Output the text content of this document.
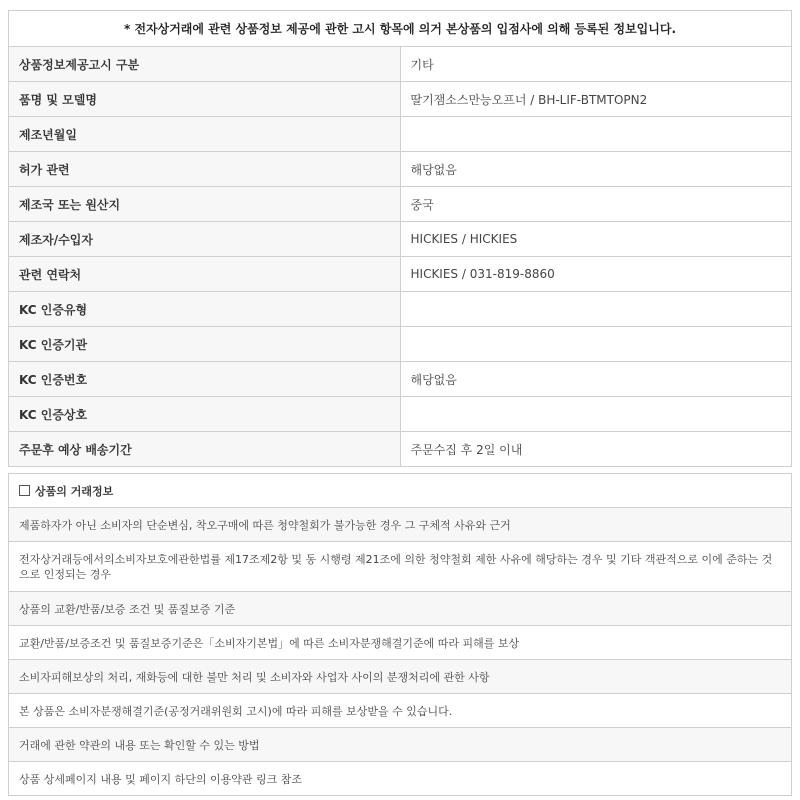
* 전자상거래에 관련 상품정보 제공에 관한 고시 항목에 의거 본상품의 입점사에 의해 등록된 정보입니다.	
상품정보제공고시 구분	기타
품명 및 모델명	딸기잼소스만능오프너 / BH-LIF-BTMTOPN2
제조년월일	
허가 관련	해당없음
제조국 또는 원산지	중국
제조자/수입자	HICKIES / HICKIES
관련 연락처	HICKIES / 031-819-8860
KC 인증유형	
KC 인증기관	
KC 인증번호	해당없음
KC 인증상호	
주문후 예상 배송기간	주문수집 후 2일 이내
상품의 거래정보
제품하자가 아닌 소비자의 단순변심, 착오구매에 따른 청약철회가 불가능한 경우 그 구체적 사유와 근거
전자상거래등에서의소비자보호에관한법률 제17조제2항 및 동 시행령 제21조에 의한 청약철회 제한 사유에 해당하는 경우 및 기타 객관적으로 이에 준하는 것으로 인정되는 경우
상품의 교환/반품/보증 조건 및 품질보증 기준
교환/반품/보증조건 및 품질보증기준은「소비자기본법」에 따른 소비자분쟁해결기준에 따라 피해를 보상
소비자피해보상의 처리, 재화등에 대한 불만 처리 및 소비자와 사업자 사이의 분쟁처리에 관한 사항
본 상품은 소비자분쟁해결기준(공정거래위원회 고시)에 따라 피해를 보상받을 수 있습니다.
거래에 관한 약관의 내용 또는 확인할 수 있는 방법
상품 상세페이지 내용 및 페이지 하단의 이용약관 링크 참조
